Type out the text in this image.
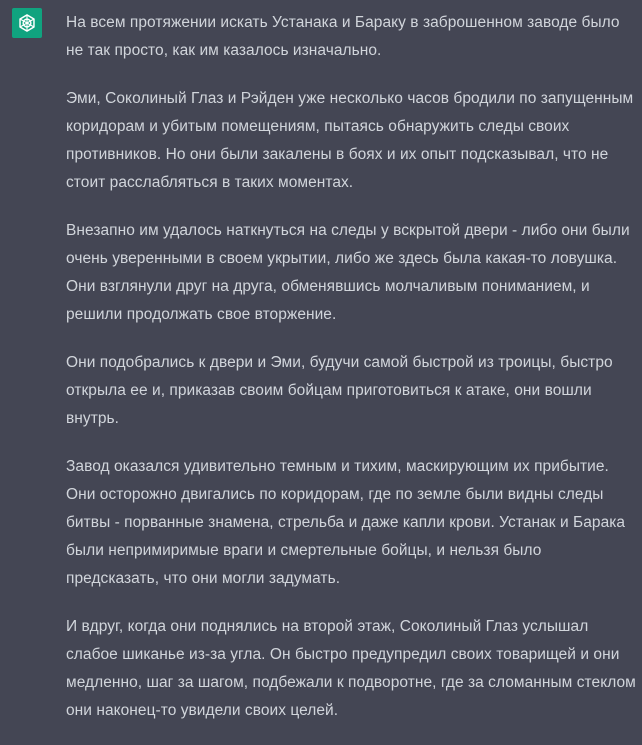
На всем протяжении искать Устанака и Бараку в заброшенном заводе было не так просто, как им казалось изначально.

Эми, Соколиный Глаз и Рэйден уже несколько часов бродили по запущенным коридорам и убитым помещениям, пытаясь обнаружить следы своих противников. Но они были закалены в боях и их опыт подсказывал, что не стоит расслабляться в таких моментах.

Внезапно им удалось наткнуться на следы у вскрытой двери - либо они были очень уверенными в своем укрытии, либо же здесь была какая-то ловушка. Они взглянули друг на друга, обменявшись молчаливым пониманием, и решили продолжать свое вторжение.

Они подобрались к двери и Эми, будучи самой быстрой из троицы, быстро открыла ее и, приказав своим бойцам приготовиться к атаке, они вошли внутрь.

Завод оказался удивительно темным и тихим, маскирующим их прибытие. Они осторожно двигались по коридорам, где по земле были видны следы битвы - порванные знамена, стрельба и даже капли крови. Устанак и Барака были непримиримые враги и смертельные бойцы, и нельзя было предсказать, что они могли задумать.

И вдруг, когда они поднялись на второй этаж, Соколиный Глаз услышал слабое шиканье из-за угла. Он быстро предупредил своих товарищей и они медленно, шаг за шагом, подбежали к подворотне, где за сломанным стеклом они наконец-то увидели своих целей.
